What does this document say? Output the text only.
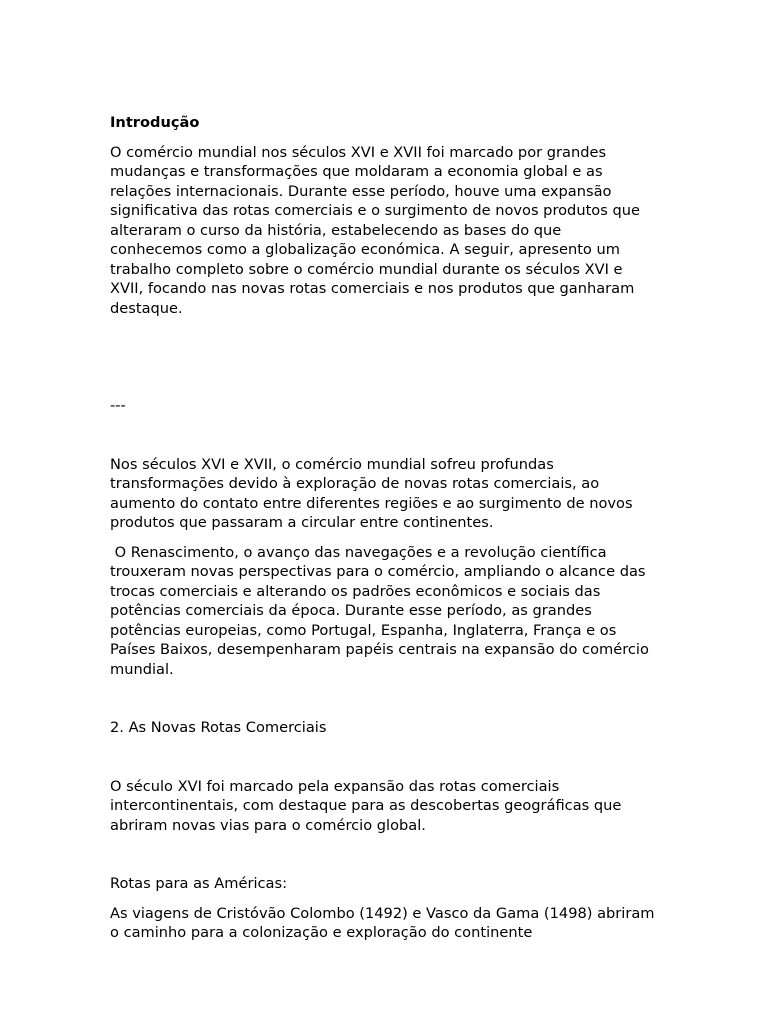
Introdução

O comércio mundial nos séculos XVI e XVII foi marcado por grandes mudanças e transformações que moldaram a economia global e as relações internacionais. Durante esse período, houve uma expansão significativa das rotas comerciais e o surgimento de novos produtos que alteraram o curso da história, estabelecendo as bases do que conhecemos como a globalização económica. A seguir, apresento um trabalho completo sobre o comércio mundial durante os séculos XVI e XVII, focando nas novas rotas comerciais e nos produtos que ganharam destaque.

---

Nos séculos XVI e XVII, o comércio mundial sofreu profundas transformações devido à exploração de novas rotas comerciais, ao aumento do contato entre diferentes regiões e ao surgimento de novos produtos que passaram a circular entre continentes.

O Renascimento, o avanço das navegações e a revolução científica trouxeram novas perspectivas para o comércio, ampliando o alcance das trocas comerciais e alterando os padrões econômicos e sociais das potências comerciais da época. Durante esse período, as grandes potências europeias, como Portugal, Espanha, Inglaterra, França e os Países Baixos, desempenharam papéis centrais na expansão do comércio mundial.

2. As Novas Rotas Comerciais

O século XVI foi marcado pela expansão das rotas comerciais intercontinentais, com destaque para as descobertas geográficas que abriram novas vias para o comércio global.

Rotas para as Américas:

As viagens de Cristóvão Colombo (1492) e Vasco da Gama (1498) abriram o caminho para a colonização e exploração do continente
